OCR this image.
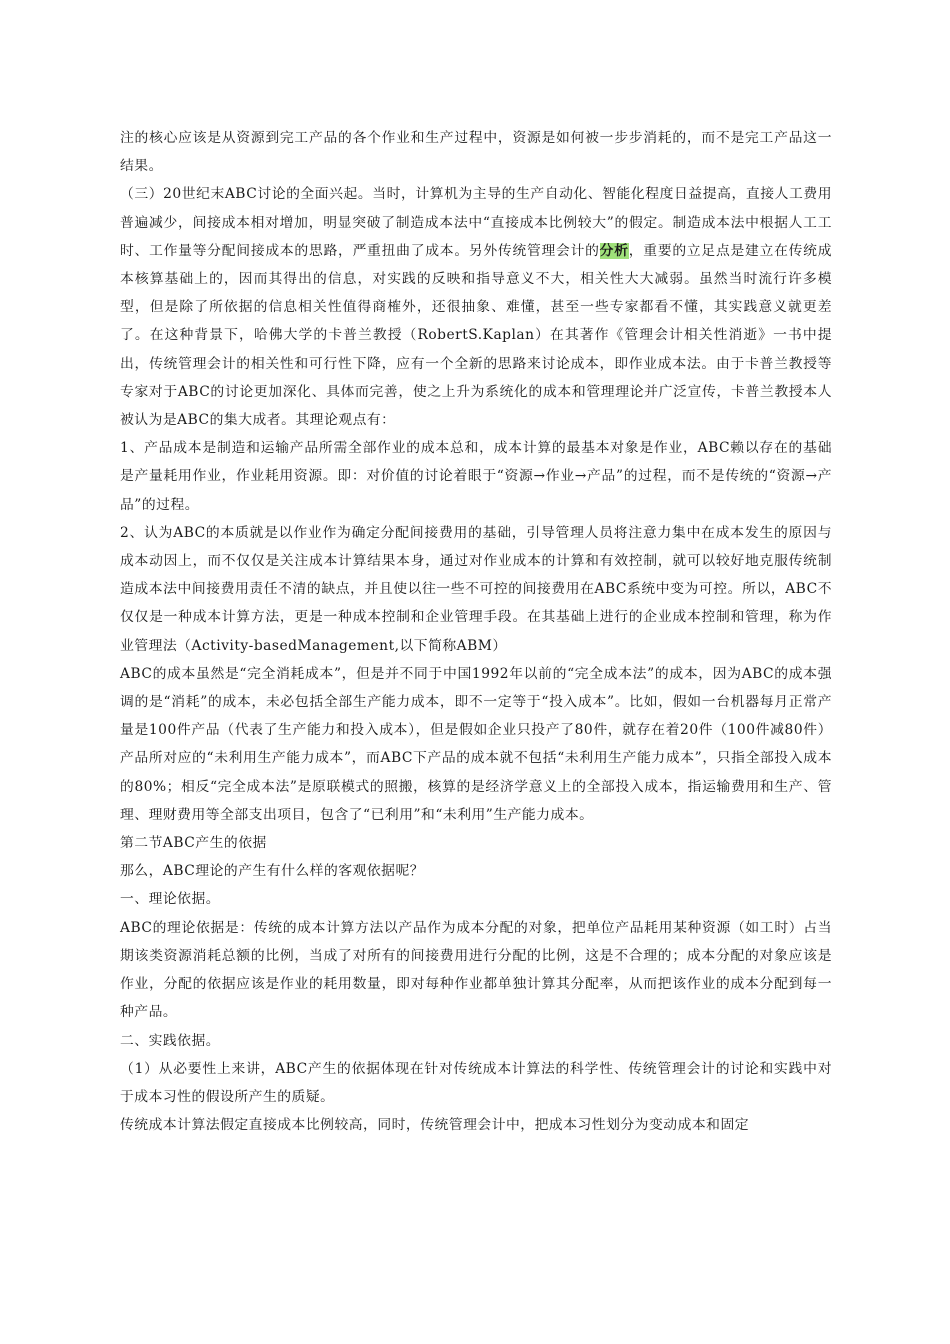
注的核心应该是从资源到完工产品的各个作业和生产过程中，资源是如何被一步步消耗的，而不是完工产品这一结果。

（三）20世纪末ABC讨论的全面兴起。当时，计算机为主导的生产自动化、智能化程度日益提高，直接人工费用普遍减少，间接成本相对增加，明显突破了制造成本法中“直接成本比例较大”的假定。制造成本法中根据人工工时、工作量等分配间接成本的思路，严重扭曲了成本。另外传统管理会计的分析，重要的立足点是建立在传统成本核算基础上的，因而其得出的信息，对实践的反映和指导意义不大，相关性大大减弱。虽然当时流行许多模型，但是除了所依据的信息相关性值得商榷外，还很抽象、难懂，甚至一些专家都看不懂，其实践意义就更差了。在这种背景下，哈佛大学的卡普兰教授（RobertS.Kaplan）在其著作《管理会计相关性消逝》一书中提出，传统管理会计的相关性和可行性下降，应有一个全新的思路来讨论成本，即作业成本法。由于卡普兰教授等专家对于ABC的讨论更加深化、具体而完善，使之上升为系统化的成本和管理理论并广泛宣传，卡普兰教授本人被认为是ABC的集大成者。其理论观点有：

1、产品成本是制造和运输产品所需全部作业的成本总和，成本计算的最基本对象是作业，ABC赖以存在的基础是产量耗用作业，作业耗用资源。即：对价值的讨论着眼于“资源→作业→产品”的过程，而不是传统的“资源→产品”的过程。

2、认为ABC的本质就是以作业作为确定分配间接费用的基础，引导管理人员将注意力集中在成本发生的原因与成本动因上，而不仅仅是关注成本计算结果本身，通过对作业成本的计算和有效控制，就可以较好地克服传统制造成本法中间接费用责任不清的缺点，并且使以往一些不可控的间接费用在ABC系统中变为可控。所以，ABC不仅仅是一种成本计算方法，更是一种成本控制和企业管理手段。在其基础上进行的企业成本控制和管理，称为作业管理法（Activity-basedManagement,以下简称ABM）

ABC的成本虽然是“完全消耗成本”，但是并不同于中国1992年以前的“完全成本法”的成本，因为ABC的成本强调的是“消耗”的成本，未必包括全部生产能力成本，即不一定等于“投入成本”。比如，假如一台机器每月正常产量是100件产品（代表了生产能力和投入成本），但是假如企业只投产了80件，就存在着20件（100件减80件）产品所对应的“未利用生产能力成本”，而ABC下产品的成本就不包括“未利用生产能力成本”，只指全部投入成本的80%；相反“完全成本法”是原联模式的照搬，核算的是经济学意义上的全部投入成本，指运输费用和生产、管理、理财费用等全部支出项目，包含了“已利用”和“未利用”生产能力成本。

第二节ABC产生的依据

那么，ABC理论的产生有什么样的客观依据呢？

一、理论依据。

ABC的理论依据是：传统的成本计算方法以产品作为成本分配的对象，把单位产品耗用某种资源（如工时）占当期该类资源消耗总额的比例，当成了对所有的间接费用进行分配的比例，这是不合理的；成本分配的对象应该是作业，分配的依据应该是作业的耗用数量，即对每种作业都单独计算其分配率，从而把该作业的成本分配到每一种产品。

二、实践依据。

（1）从必要性上来讲，ABC产生的依据体现在针对传统成本计算法的科学性、传统管理会计的讨论和实践中对于成本习性的假设所产生的质疑。

传统成本计算法假定直接成本比例较高，同时，传统管理会计中，把成本习性划分为变动成本和固定
